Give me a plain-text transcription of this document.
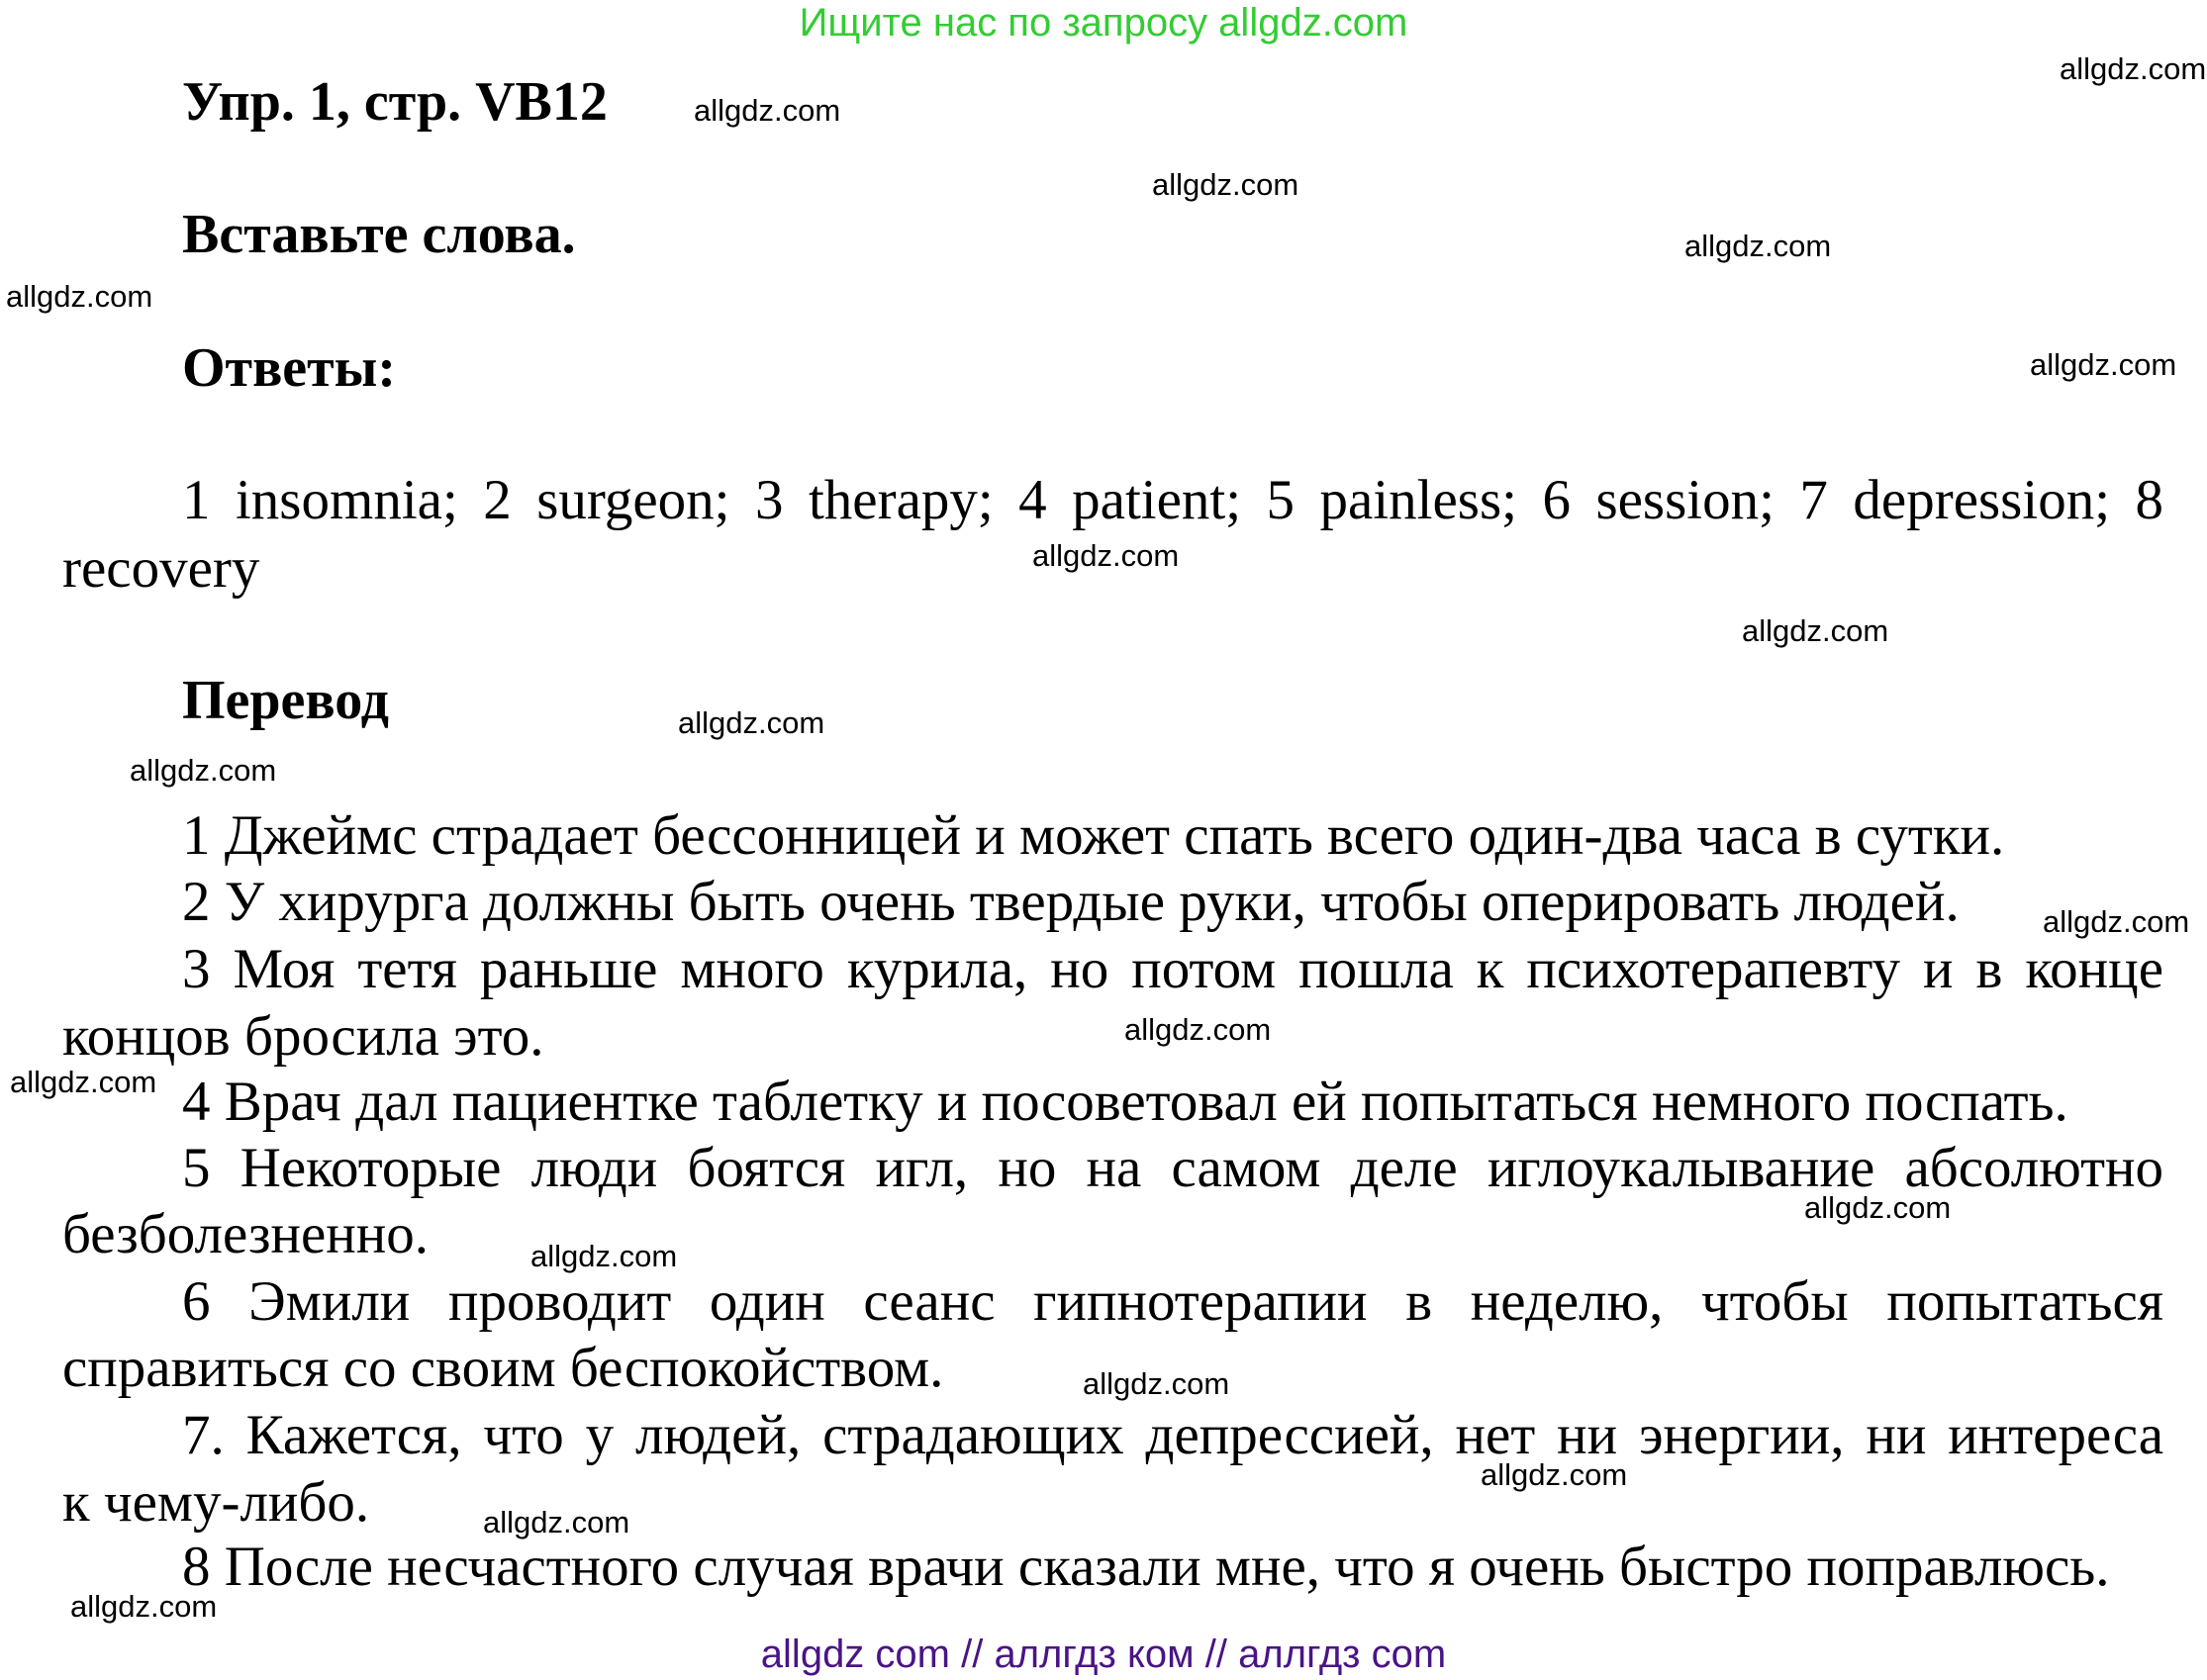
Ищите нас по запросу allgdz.com
Упр. 1, стр. VB12
Вставьте слова.
Ответы:
Перевод
1 insomnia; 2 surgeon; 3 therapy; 4 patient; 5 painless; 6 session; 7 depression; 8
recovery
1 Джеймс страдает бессонницей и может спать всего один-два часа в сутки.
2 У хирурга должны быть очень твердые руки, чтобы оперировать людей.
3 Моя тетя раньше много курила, но потом пошла к психотерапевту и в конце
концов бросила это.
4 Врач дал пациентке таблетку и посоветовал ей попытаться немного поспать.
5 Некоторые люди боятся игл, но на самом деле иглоукалывание абсолютно
безболезненно.
6 Эмили проводит один сеанс гипнотерапии в неделю, чтобы попытаться
справиться со своим беспокойством.
7. Кажется, что у людей, страдающих депрессией, нет ни энергии, ни интереса
к чему-либо.
8 После несчастного случая врачи сказали мне, что я очень быстро поправлюсь.
allgdz.com
allgdz.com
allgdz.com
allgdz.com
allgdz.com
allgdz.com
allgdz.com
allgdz.com
allgdz.com
allgdz.com
allgdz.com
allgdz.com
allgdz.com
allgdz.com
allgdz.com
allgdz.com
allgdz.com
allgdz.com
allgdz.com
allgdz com // аллгдз ком // аллгдз com
